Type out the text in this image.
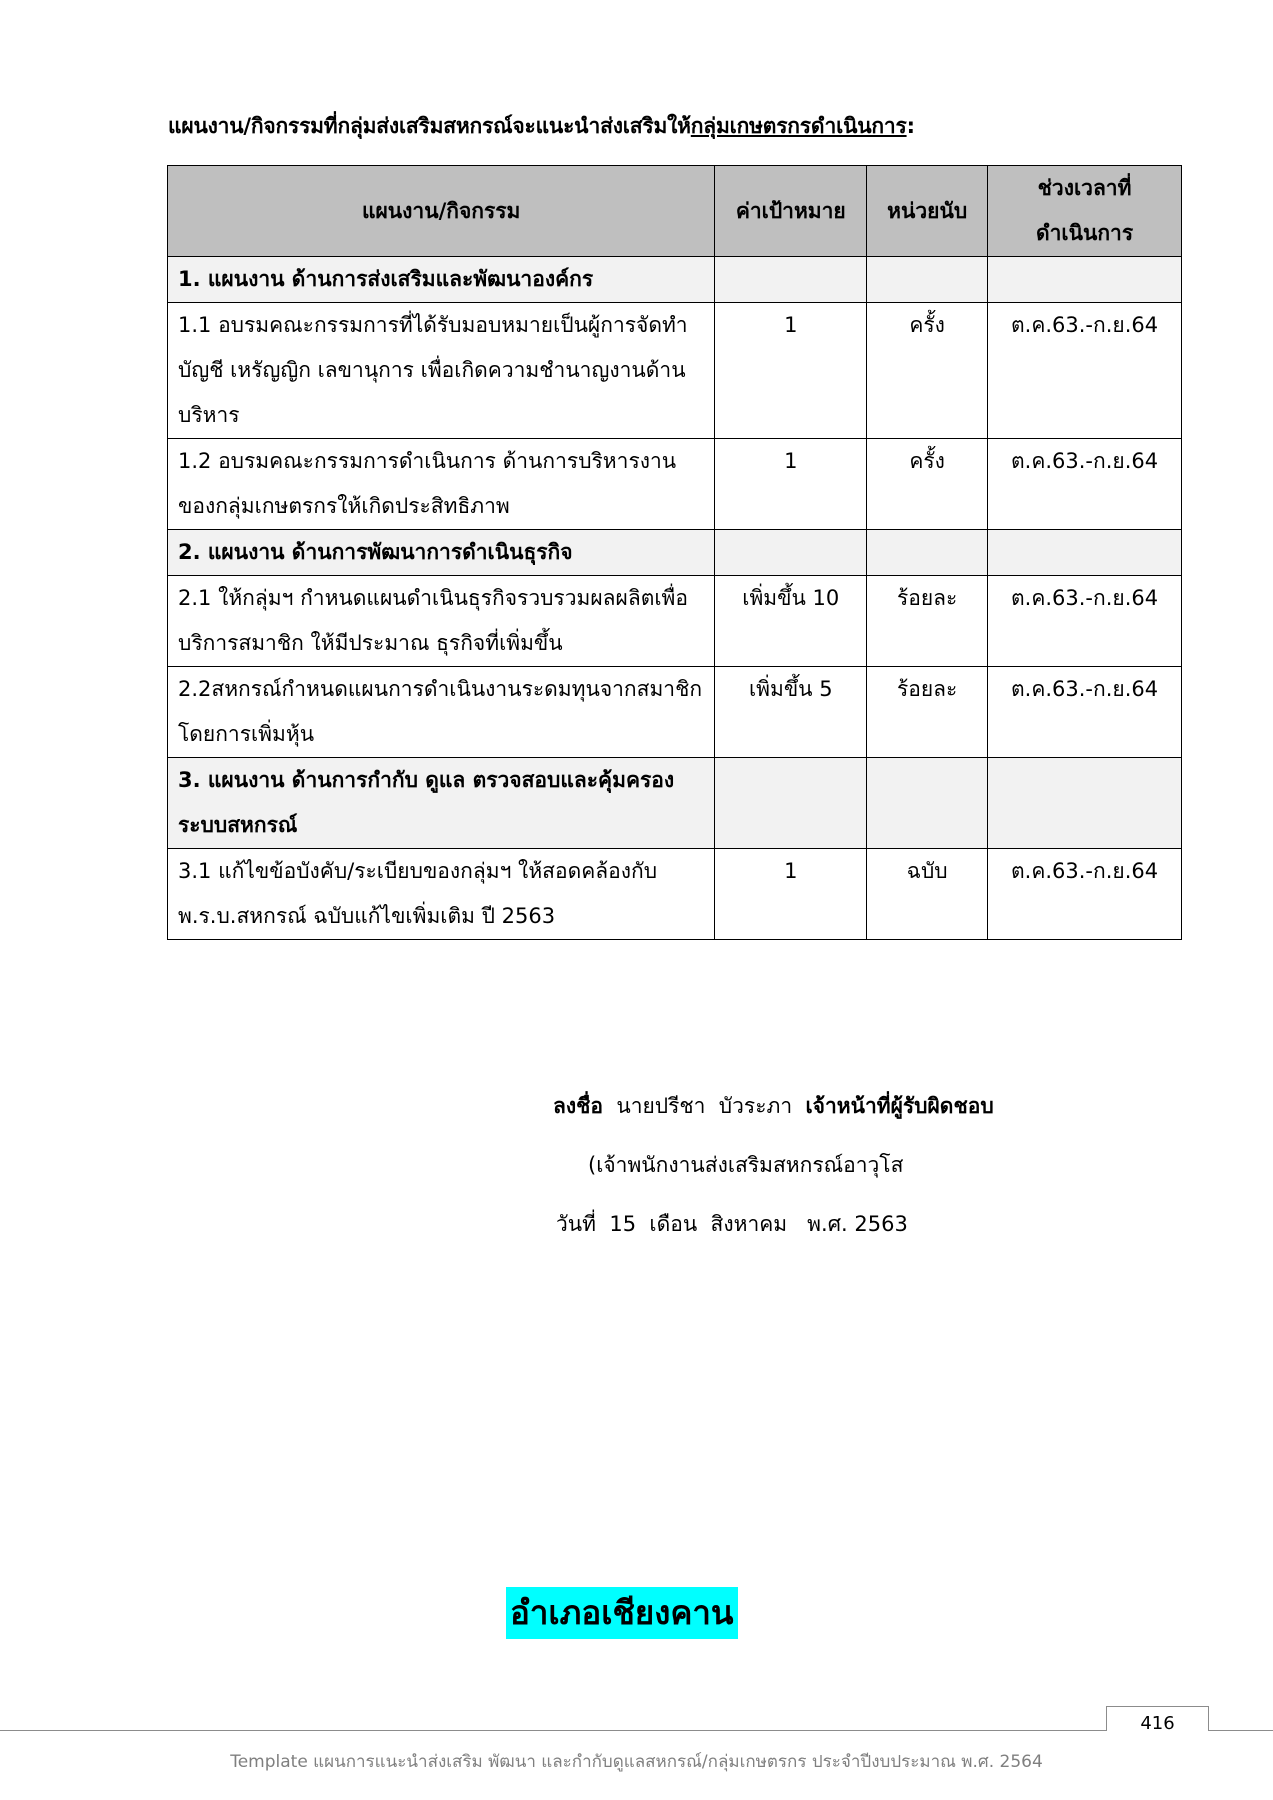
แผนงาน/กิจกรรมที่กลุ่มส่งเสริมสหกรณ์จะแนะนำส่งเสริมให้กลุ่มเกษตรกรดำเนินการ:
แผนงาน/กิจกรรม	ค่าเป้าหมาย	หน่วยนับ	ช่วงเวลาที่
ดำเนินการ

1. แผนงาน ด้านการส่งเสริมและพัฒนาองค์กร			
1.1 อบรมคณะกรรมการที่ได้รับมอบหมายเป็นผู้การจัดทำบัญชี เหรัญญิก เลขานุการ เพื่อเกิดความชำนาญงานด้านบริหาร	1	ครั้ง	ต.ค.63.-ก.ย.64
1.2 อบรมคณะกรรมการดำเนินการ ด้านการบริหารงานของกลุ่มเกษตรกรให้เกิดประสิทธิภาพ	1	ครั้ง	ต.ค.63.-ก.ย.64
2. แผนงาน ด้านการพัฒนาการดำเนินธุรกิจ			
2.1 ให้กลุ่มฯ กำหนดแผนดำเนินธุรกิจรวบรวมผลผลิตเพื่อบริการสมาชิก ให้มีประมาณ ธุรกิจที่เพิ่มขึ้น	เพิ่มขึ้น 10	ร้อยละ	ต.ค.63.-ก.ย.64
2.2สหกรณ์กำหนดแผนการดำเนินงานระดมทุนจากสมาชิกโดยการเพิ่มหุ้น	เพิ่มขึ้น 5	ร้อยละ	ต.ค.63.-ก.ย.64
3. แผนงาน ด้านการกำกับ ดูแล ตรวจสอบและคุ้มครองระบบสหกรณ์			
3.1 แก้ไขข้อบังคับ/ระเบียบของกลุ่มฯ ให้สอดคล้องกับ พ.ร.บ.สหกรณ์ ฉบับแก้ไขเพิ่มเติม ปี 2563	1	ฉบับ	ต.ค.63.-ก.ย.64
ลงชื่อ  นายปรีชา  บัวระภา  เจ้าหน้าที่ผู้รับผิดชอบ
(เจ้าพนักงานส่งเสริมสหกรณ์อาวุโส
วันที่  15  เดือน  สิงหาคม   พ.ศ. 2563
อำเภอเชียงคาน
416
Template แผนการแนะนำส่งเสริม พัฒนา และกำกับดูแลสหกรณ์/กลุ่มเกษตรกร ประจำปีงบประมาณ พ.ศ. 2564
